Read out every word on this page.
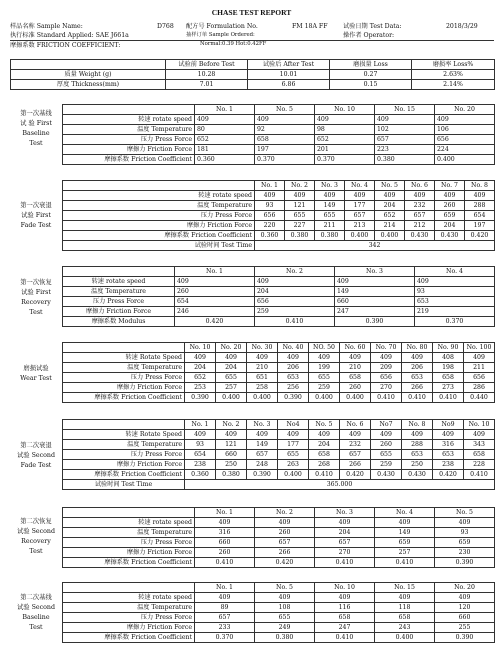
CHASE TEST REPORT
样品名称 Sample Name:	D768 配方号 Formulation No.	FM 18A FF	试验日期 Test Data:	2018/3/29
执行标准 Standard Applied: SAE J661a	抽样订单 Sample Ordered:	操作者 Operator:
摩擦系数 FRICTION COEFFICIENT:	Normal:0.39 Hot:0.42FF
	试验前 Before Test	试验后 After Test	磨损量 Loss	磨损率 Loss%
质量 Weight (g)	10.28	10.01	0.27	2.63%
厚度 Thickness(mm)	7.01	6.86	0.15	2.14%
第一次基线
试 验 First
Baseline
Test
	No. 1	No. 5	No. 10	No. 15	No. 20
转速 rotate speed	409	409	409	409	409
温度 Temperature	80	92	98	102	106
压力 Press Force	652	658	652	657	656
摩擦力 Friction Force	181	197	201	223	224
摩擦系数 Friction Coefficient	0.360	0.370	0.370	0.380	0.400
第一次衰退
试验 First
Fade Test
	No. 1	No. 2	No. 3	No. 4	No. 5	No. 6	No. 7	No. 8
转速 rotate speed	409	409	409	409	409	409	409	409
温度 Temperature	93	121	149	177	204	232	260	288
压力 Press Force	656	655	655	657	652	657	659	654
摩擦力 Friction Force	220	227	211	213	214	212	204	197
摩擦系数 Friction Coefficient	0.360	0.380	0.380	0.400	0.400	0.430	0.430	0.420
试验时间 Test Time	342							
第一次恢复
试验 First
Recovery
Test
	No. 1	No. 2	No. 3	No. 4
转速 rotate speed	409	409	409	409
温度 Temperature	260	204	149	93
压力 Press Force	654	656	660	653
摩擦力 Friction Force	246	259	247	219
摩擦系数 Modulus	0.420	0.410	0.390	0.370
磨损试验
Wear Test
	No. 10	No. 20	No. 30	No. 40	NO. 50	No. 60	No. 70	No. 80	No. 90	No. 100
转速 Rotate Speed	409	409	409	409	409	409	409	409	408	409
温度 Temperature	204	204	210	206	199	210	209	206	198	211
压力 Press Force	652	655	651	653	655	658	656	653	658	656
摩擦力 Friction Force	253	257	258	256	259	260	270	266	273	286
摩擦系数 Friction Coefficient	0.390	0.400	0.400	0.390	0.400	0.400	0.410	0.410	0.410	0.440
第二次衰退
试验 Second
Fade Test
	No. 1	No. 2	No. 3	No4	No. 5	No. 6	No7	No. 8	No9	No. 10
转速 Rotate Speed	409	409	409	409	409	409	409	409	409	409
温度 Temperature	93	121	149	177	204	232	260	288	316	343
压力 Press Force	654	660	657	655	658	657	655	653	653	658
摩擦力 Friction Force	238	250	248	263	268	266	259	250	238	228
摩擦系数 Friction Coefficient	0.360	0.380	0.390	0.400	0.410	0.420	0.430	0.430	0.420	0.410
试验时间 Test Time	365.000									
第二次恢复
试验 Second
Recovery
Test
	No. 1	No. 2	No. 3	No. 4	No. 5
转速 rotate speed	409	409	409	409	409
温度 Temperature	316	260	204	149	93
压力 Press Force	660	657	657	659	659
摩擦力 Friction Force	260	266	270	257	230
摩擦系数 Friction Coefficient	0.410	0.420	0.410	0.410	0.390
第二次基线
试验 Second
Baseline
Test
	No. 1	No. 5	No. 10	No. 15	No. 20
转速 rotate speed	409	409	409	409	409
温度 Temperature	89	108	116	118	120
压力 Press Force	657	655	658	658	660
摩擦力 Friction Force	233	249	247	243	255
摩擦系数 Friction Coefficient	0.370	0.380	0.410	0.400	0.390
